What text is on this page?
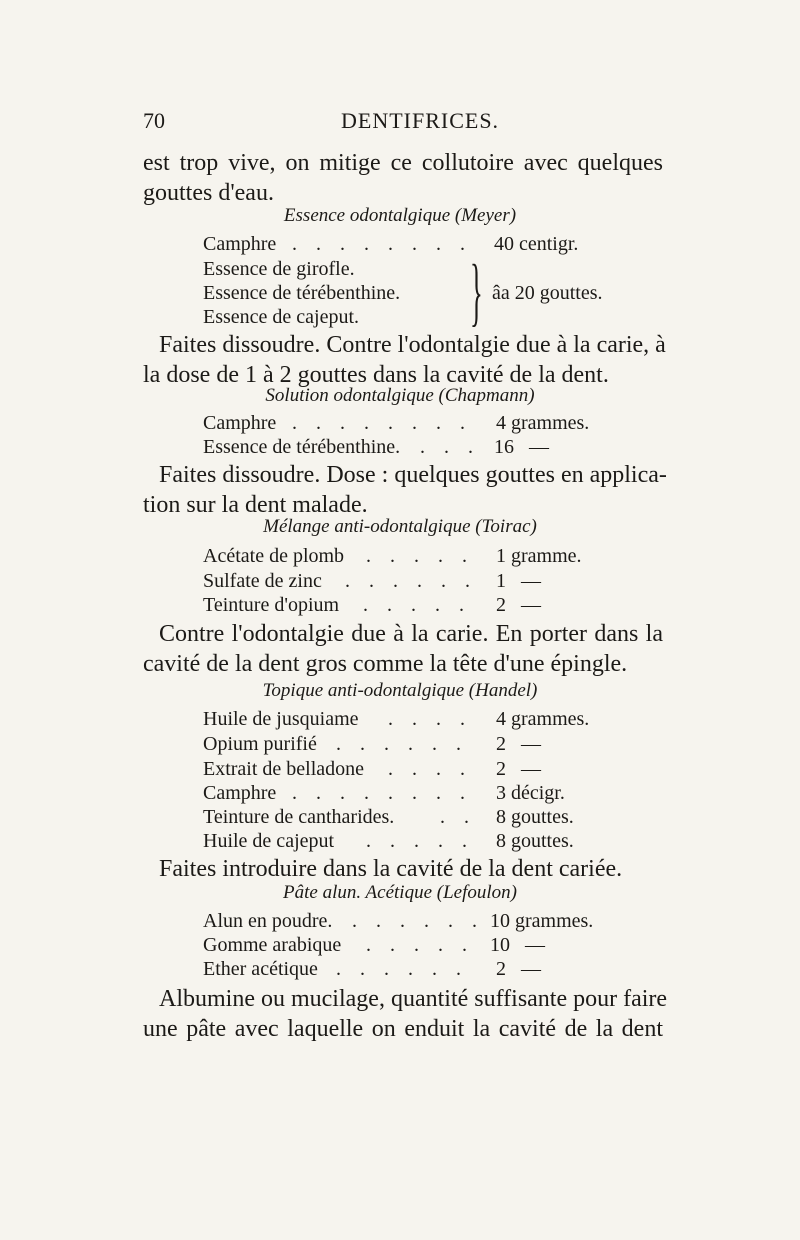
70	DENTIFRICES.
est trop vive, on mitige ce collutoire avec quelques
gouttes d'eau.
Essence odontalgique (Meyer)
Camphre . . . . . . . . 40 centigr.
Essence de girofle.
Essence de térébenthine.
Essence de cajeput. } âa 20 gouttes.
Faites dissoudre. Contre l'odontalgie due à la carie, à
la dose de 1 à 2 gouttes dans la cavité de la dent.
Solution odontalgique (Chapmann)
Camphre . . . . . . . . 4 grammes.
Essence de térébenthine. . . . 16   —
Faites dissoudre. Dose : quelques gouttes en applica-
tion sur la dent malade.
Mélange anti-odontalgique (Toirac)
Acétate de plomb . . . . . 1 gramme.
Sulfate de zinc . . . . . . 1   —
Teinture d'opium . . . . . 2   —
Contre l'odontalgie due à la carie. En porter dans la
cavité de la dent gros comme la tête d'une épingle.
Topique anti-odontalgique (Handel)
Huile de jusquiame . . . . 4 grammes.
Opium purifié . . . . . . 2   —
Extrait de belladone . . . . 2   —
Camphre . . . . . . . . 3 décigr.
Teinture de cantharides. . . 8 gouttes.
Huile de cajeput . . . . . 8 gouttes.
Faites introduire dans la cavité de la dent cariée.
Pâte alun. Acétique (Lefoulon)
Alun en poudre. . . . . . . 10 grammes.
Gomme arabique . . . . . 10   —
Ether acétique . . . . . . 2   —
Albumine ou mucilage, quantité suffisante pour faire
une pâte avec laquelle on enduit la cavité de la dent
